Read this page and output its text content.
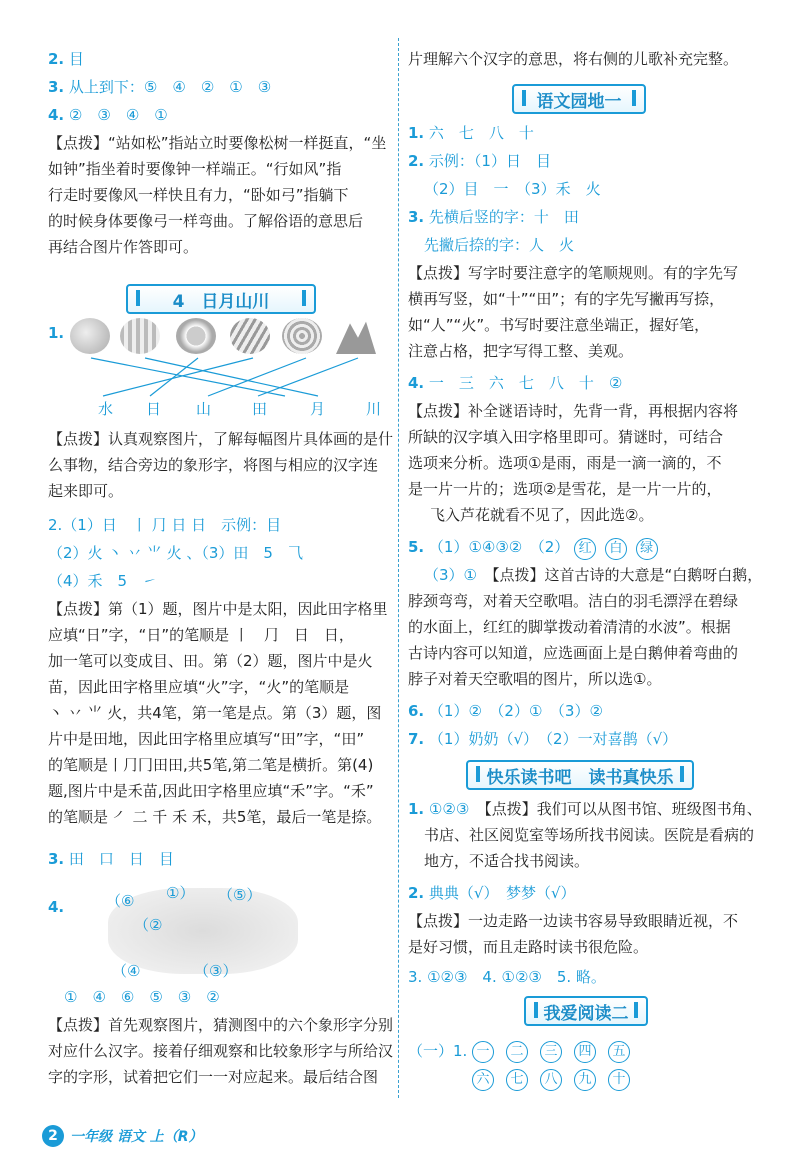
2. 目
3. 从上到下：⑤　④　②　①　③
4. ②　③　④　①
【点拨】“站如松”指站立时要像松树一样挺直，“坐
如钟”指坐着时要像钟一样端正。“行如风”指
行走时要像风一样快且有力，“卧如弓”指躺下
的时候身体要像弓一样弯曲。了解俗语的意思后
再结合图片作答即可。
4　日月山川
1.
水 日 山	田	月	川
【点拨】认真观察图片，了解每幅图片具体画的是什
么事物，结合旁边的象形字，将图与相应的汉字连
起来即可。
2.（1）日　丨 ⺆ 日 日　示例：目
（2）火 丶 丷 ⺌ 火 、（3）田　5　⺄
（4）禾　5　㇀
【点拨】第（1）题，图片中是太阳，因此田字格里
应填“日”字，“日”的笔顺是 丨　⺆　日　日，
加一笔可以变成目、田。第（2）题，图片中是火
苗，因此田字格里应填“火”字，“火”的笔顺是
丶 丷 ⺌ 火，共4笔，第一笔是点。第（3）题，图
片中是田地，因此田字格里应填写“田”字，“田”
的笔顺是丨⺆冂田田,共5笔,第二笔是横折。第(4)
题,图片中是禾苗,因此田字格里应填“禾”字。“禾”
的笔顺是 ㇒ 二 千 禾 禾，共5笔，最后一笔是捺。
3. 田　口　日　目
4.	（⑥ ①） （⑤）
（②
（④	（③）
①　④　⑥　⑤　③　②
【点拨】首先观察图片，猜测图中的六个象形字分别
对应什么汉字。接着仔细观察和比较象形字与所给汉
字的字形，试着把它们一一对应起来。最后结合图
片理解六个汉字的意思，将右侧的儿歌补充完整。
语文园地一
1. 六　七　八　十
2. 示例：（1）日　目
（2）目　一　（3）禾　火
3. 先横后竖的字：十　田
先撇后捺的字：人　火
【点拨】写字时要注意字的笔顺规则。有的字先写
横再写竖，如“十”“田”；有的字先写撇再写捺，
如“人”“火”。书写时要注意坐端正，握好笔，
注意占格，把字写得工整、美观。
4. 一　三　六　七　八　十　②
【点拨】补全谜语诗时，先背一背，再根据内容将
所缺的汉字填入田字格里即可。猜谜时，可结合
选项来分析。选项①是雨，雨是一滴一滴的，不
是一片一片的；选项②是雪花，是一片一片的，
飞入芦花就看不见了，因此选②。
5. （1）①④③②　（2） 红 白 绿
（3）①　 【点拨】这首古诗的大意是“白鹅呀白鹅，
脖颈弯弯，对着天空歌唱。洁白的羽毛漂浮在碧绿
的水面上，红红的脚掌拨动着清清的水波”。根据
古诗内容可以知道，应选画面上是白鹅伸着弯曲的
脖子对着天空歌唱的图片，所以选①。
6. （1）②　（2）①　（3）②
7. （1）奶奶（√）　（2）一对喜鹊（√）
快乐读书吧　读书真快乐
1. ①②③　 【点拨】我们可以从图书馆、班级图书角、
书店、社区阅览室等场所找书阅读。医院是看病的
地方，不适合找书阅读。
2. 典典（√）　梦梦（√）
【点拨】一边走路一边读书容易导致眼睛近视，不
是好习惯，而且走路时读书很危险。
3. ①②③　4. ①②③　5. 略。
我爱阅读二
（一）1. 一 二 三 四 五
六 七 八 九 十
2 一年级 语文 上（R）
